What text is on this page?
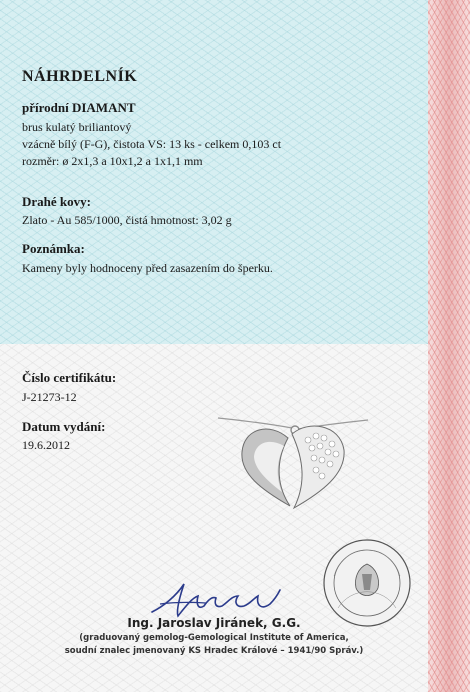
NÁHRDELNÍK
přírodní DIAMANT
brus kulatý briliantový
vzácně bílý (F-G), čistota VS: 13 ks - celkem 0,103 ct
rozměr: ø 2x1,3 a 10x1,2 a 1x1,1 mm
Drahé kovy:
Zlato - Au 585/1000, čistá hmotnost: 3,02 g
Poznámka:
Kameny byly hodnoceny před zasazením do šperku.
Číslo certifikátu:
J-21273-12
Datum vydání:
19.6.2012
Ing. Jaroslav Jiránek, G.G.
(graduovaný gemolog-Gemological Institute of America,
soudní znalec jmenovaný KS Hradec Králové – 1941/90 Správ.)
